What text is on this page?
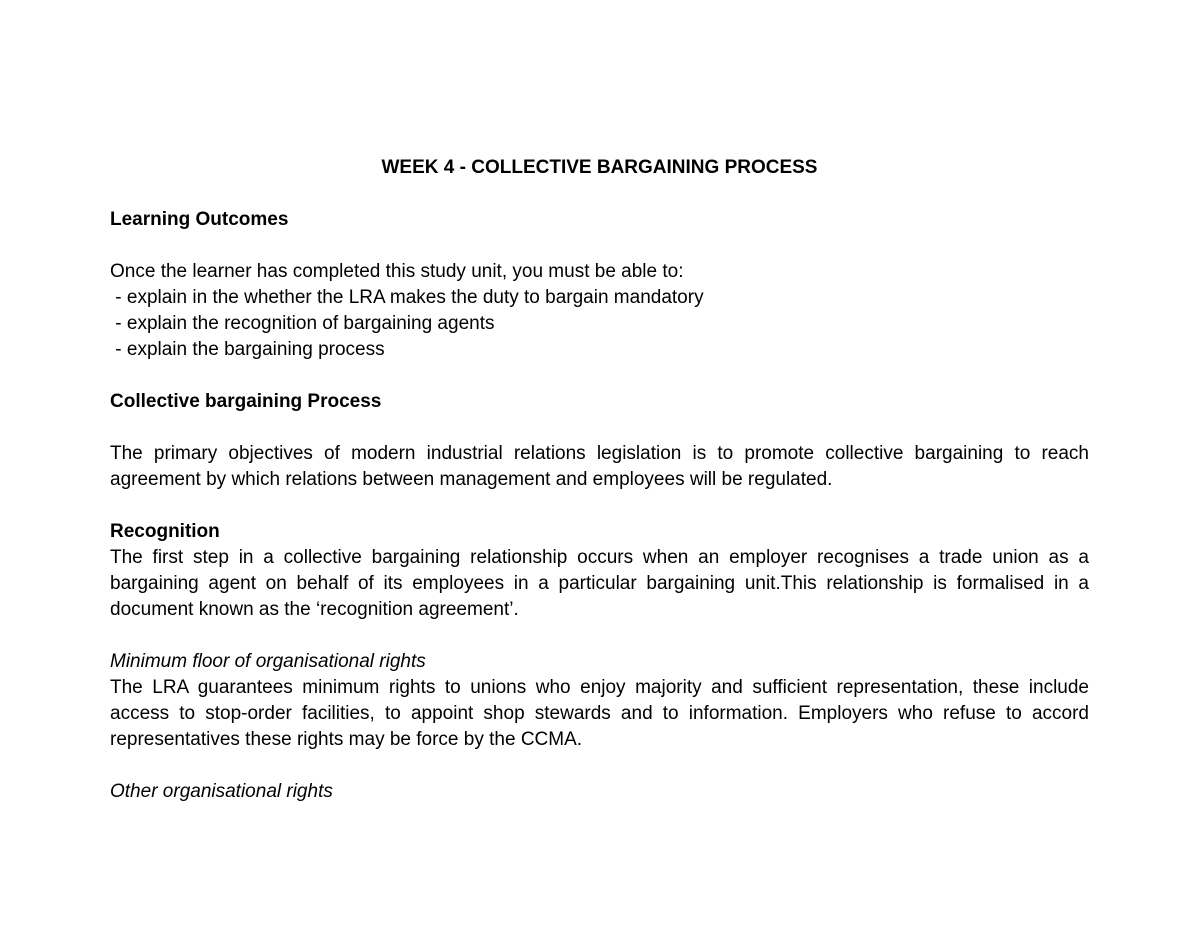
WEEK 4 - COLLECTIVE BARGAINING PROCESS

Learning Outcomes

Once the learner has completed this study unit, you must be able to:

- explain in the whether the LRA makes the duty to bargain mandatory

- explain the recognition of bargaining agents

- explain the bargaining process

Collective bargaining Process

The primary objectives of modern industrial relations legislation is to promote collective bargaining to reach agreement by which relations between management and employees will be regulated.

Recognition

The first step in a collective bargaining relationship occurs when an employer recognises a trade union as a bargaining agent on behalf of its employees in a particular bargaining unit.This relationship is formalised in a document known as the ‘recognition agreement’.

Minimum floor of organisational rights

The LRA guarantees minimum rights to unions who enjoy majority and sufficient representation, these include access to stop-order facilities, to appoint shop stewards and to information. Employers who refuse to accord representatives these rights may be force by the CCMA.

Other organisational rights
